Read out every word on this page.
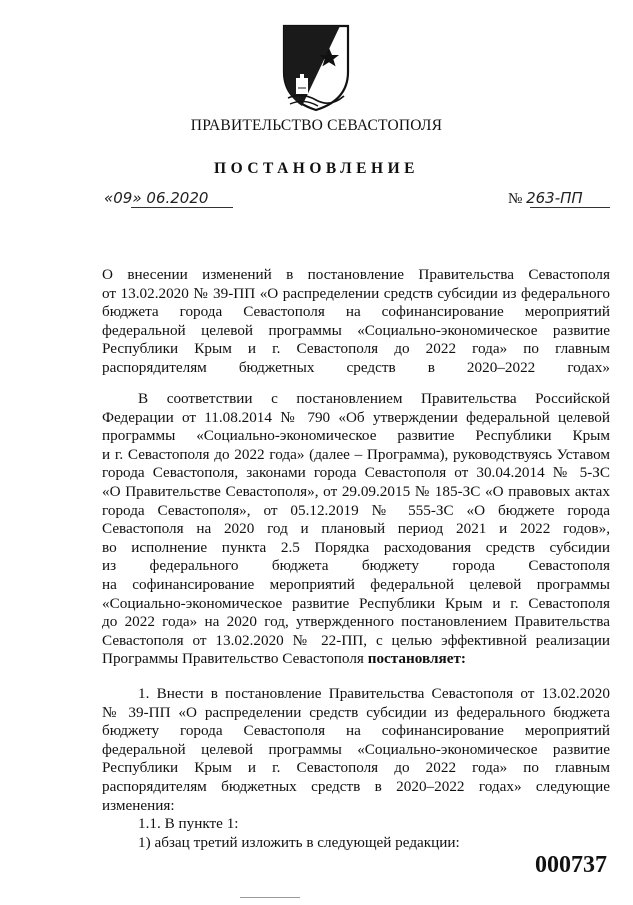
ПРАВИТЕЛЬСТВО СЕВАСТОПОЛЯ
ПОСТАНОВЛЕНИЕ
«09» 06.2020	№ 263-ПП
О внесении изменений в постановление Правительства Севастополя
от 13.02.2020 № 39-ПП «О распределении средств субсидии из федерального
бюджета города Севастополя на софинансирование мероприятий
федеральной целевой программы «Социально-экономическое развитие
Республики Крым и г. Севастополя до 2022 года» по главным
распорядителям бюджетных средств в 2020–2022 годах»
В соответствии с постановлением Правительства Российской
Федерации от 11.08.2014 № 790 «Об утверждении федеральной целевой
программы «Социально-экономическое развитие Республики Крым
и г. Севастополя до 2022 года» (далее – Программа), руководствуясь Уставом
города Севастополя, законами города Севастополя от 30.04.2014 № 5-ЗС
«О Правительстве Севастополя», от 29.09.2015 № 185-ЗС «О правовых актах
города Севастополя», от 05.12.2019 № 555-ЗС «О бюджете города
Севастополя на 2020 год и плановый период 2021 и 2022 годов»,
во исполнение пункта 2.5 Порядка расходования средств субсидии
из федерального бюджета бюджету города Севастополя
на софинансирование мероприятий федеральной целевой программы
«Социально-экономическое развитие Республики Крым и г. Севастополя
до 2022 года» на 2020 год, утвержденного постановлением Правительства
Севастополя от 13.02.2020 № 22-ПП, с целью эффективной реализации
Программы Правительство Севастополя постановляет:
1. Внести в постановление Правительства Севастополя от 13.02.2020
№ 39-ПП «О распределении средств субсидии из федерального бюджета
бюджету города Севастополя на софинансирование мероприятий
федеральной целевой программы «Социально-экономическое развитие
Республики Крым и г. Севастополя до 2022 года» по главным
распорядителям бюджетных средств в 2020–2022 годах» следующие
изменения:
1.1. В пункте 1:
1) абзац третий изложить в следующей редакции:
000737
